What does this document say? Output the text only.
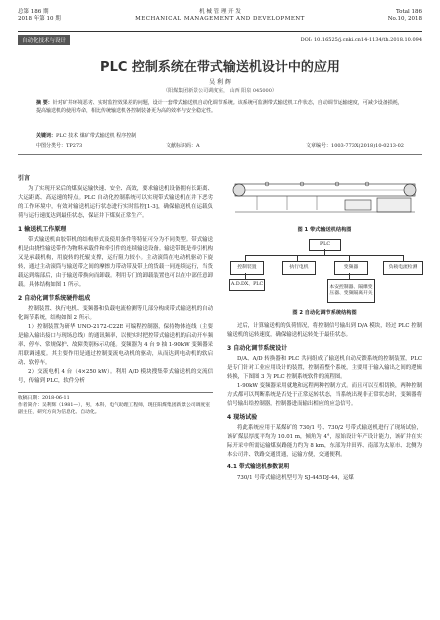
总第 186 期
2018 年第 10 期
机 械 管 理 开 发
MECHANICAL MANAGEMENT AND DEVELOPMENT
Total 186
No.10, 2018
自动化技术与设计	DOI: 10.16525/j.cnki.cn14-1134/th.2018.10.094
PLC 控制系统在带式输送机设计中的应用
吴 利 辉
（阳煤集团新景公司调度室， 山西 阳泉 045000）
摘 要：针对矿井环境恶劣、实时监控效果差的问题，设计一套带式输送机自动化调节系统。该系统可监测带式输送机工作状态，自动调节运输速度，可减少设备损耗，提高输送机的使用寿命，相比传统输送机各控制装备更为高的效率与安全稳定性。
关键词：PLC 技术 煤矿带式输送机 程序控制
中图分类号：TP273	文献标识码：A	文章编号：1003-773X(2018)10-0213-02
引言

为了实现开采后的煤炭运输快速、安全、高效，要求输送机设备拥有长距离、大运距离、高运速的特点。PLC 自动化控制系统可以实现带式输送机在井下恶劣的工作环境中，有效对输送机运行状态进行实时监控[1-3]，确保输送机在运载负荷与运行速度达到最佳状态，保证井下煤炭正常生产。

1 输送机工作原理

带式输送机由胶带机的结构形式及使用条件等特征可分为不同类型。带式输送机是由挠性输送带作为物料承载件和牵引件的连续输送设备。输送带既是牵引机构又是承载机构，用旋转的托辊支撑，运行阻力较小。主动滚筒在电动机驱动下旋转，通过主动滚筒与输送带之间的摩擦力带动带及带上的货载一同连续运行，当货载运到端部后，由于输送带换向而卸载。利用专门的卸载装置也可以在中部任意卸载。具体结构如图 1 所示。

2 自动化调节系统硬件组成

控制装置、执行电机、变频器和负载电流检测等几部分构成带式输送机的自动化调节系统，结构如图 2 所示。

1）控制装置为研华 UNO-2172-C22E 可编程控制器，保持物体连线（主要是输入输出接口与现场总线）的通讯频率，以便实时把控带式输送机的启动开车频率、停车、常规保护、故障类别标示功能。变频器为 4 台 9 抽 1-90kW 变频器采用联调速度。其主要作用是通过控制变流电动机的驱动，从而达到电动机的软启动、软停车。

2）交流电机 4 台（4×250 kW）。利用 A/D 模块搜集带式输送机的交流信号，传输到 PLC，软件分析

收稿日期：2018-06-11
作者简介：吴利辉（1981—），男，本科，电气助理工程师，现任阳煤集团新景公司调度室副主任，研究方向为信息化、自动化。
图 1 带式输送机结构图
PLC
控制装置	执行电机	变频器	负载电流检测
A.D.DX、PLC
本安控制器、隔爆变压器、变频隔离开关
图 2 自动化调节系统结构图

过后，计算输送机的负荷情况，将控制信号输出到 D/A 模块，经过 PLC 控制输送机的运转速度，确保输送机运转处于最佳状态。

3 自动化调节系统设计

D/A、A/D 转换器和 PLC 共同组成了输送机自动反馈系统的控制装置，PLC 是专门针对工业应用设计的装置，控制着整个系统，主要用于输入输出之间的逻辑转换，下图图 3 为 PLC 控制系统软件的流程图。

1-90kW 变频器采用就地和远程两种控制方式。而且可以互相切换，两种控制方式都可以判断系统是否处于正常运转状态，当系统出现非正常状态时，变频器将信号输出给控制器，控制器进而输出相应的应急信号。

4 现场试验

将此系统应用于某煤矿的 730/1 号、730/2 号带式输送机进行了现场试验，该矿煤层厚度平均为 10.01 m，倾角为 4°，原始设计年产设计能力，该矿井在实际开采中所需运输煤炭路能力约为 8 km，东部为井田界、南部为太原市、北侧为本公司井、铁路交通贯通，运输方便，交通便利。

4.1 带式输送机参数说明

730/1 号带式输送机型号为 SJ-445DJ-44，运煤
